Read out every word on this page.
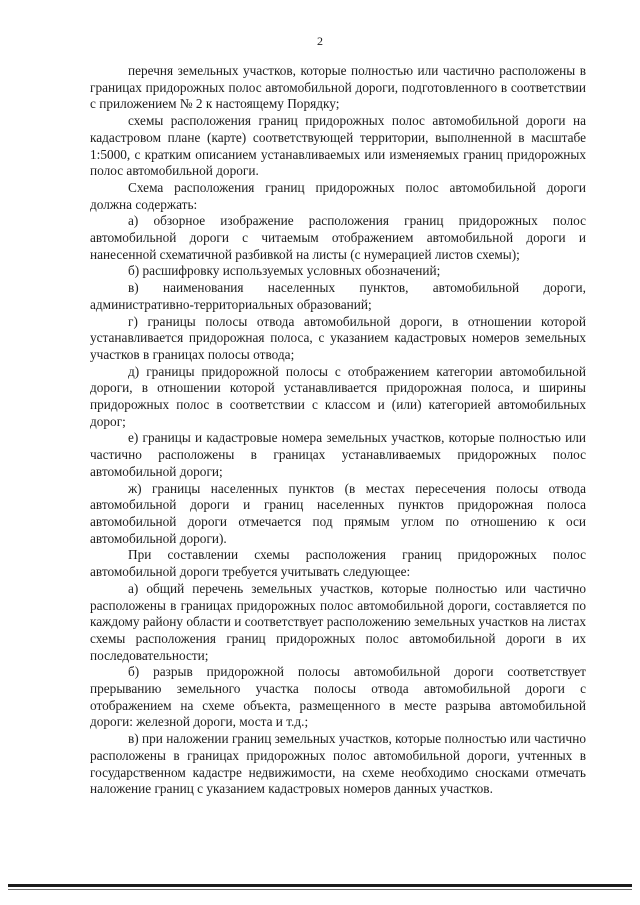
2

перечня земельных участков, которые полностью или частично расположены в границах придорожных полос автомобильной дороги, подготовленного в соответствии с приложением № 2 к настоящему Порядку;

схемы расположения границ придорожных полос автомобильной дороги на кадастровом плане (карте) соответствующей территории, выполненной в масштабе 1:5000, с кратким описанием устанавливаемых или изменяемых границ придорожных полос автомобильной дороги.

Схема расположения границ придорожных полос автомобильной дороги должна содержать:

а) обзорное изображение расположения границ придорожных полос автомобильной дороги с читаемым отображением автомобильной дороги и нанесенной схематичной разбивкой на листы (с нумерацией листов схемы);

б) расшифровку используемых условных обозначений;

в) наименования населенных пунктов, автомобильной дороги, административно-территориальных образований;

г) границы полосы отвода автомобильной дороги, в отношении которой устанавливается придорожная полоса, с указанием кадастровых номеров земельных участков в границах полосы отвода;

д) границы придорожной полосы с отображением категории автомобильной дороги, в отношении которой устанавливается придорожная полоса, и ширины придорожных полос в соответствии с классом и (или) категорией автомобильных дорог;

е) границы и кадастровые номера земельных участков, которые полностью или частично расположены в границах устанавливаемых придорожных полос автомобильной дороги;

ж) границы населенных пунктов (в местах пересечения полосы отвода автомобильной дороги и границ населенных пунктов придорожная полоса автомобильной дороги отмечается под прямым углом по отношению к оси автомобильной дороги).

При составлении схемы расположения границ придорожных полос автомобильной дороги требуется учитывать следующее:

а) общий перечень земельных участков, которые полностью или частично расположены в границах придорожных полос автомобильной дороги, составляется по каждому району области и соответствует расположению земельных участков на листах схемы расположения границ придорожных полос автомобильной дороги в их последовательности;

б) разрыв придорожной полосы автомобильной дороги соответствует прерыванию земельного участка полосы отвода автомобильной дороги с отображением на схеме объекта, размещенного в месте разрыва автомобильной дороги: железной дороги, моста и т.д.;

в) при наложении границ земельных участков, которые полностью или частично расположены в границах придорожных полос автомобильной дороги, учтенных в государственном кадастре недвижимости, на схеме необходимо сносками отмечать наложение границ с указанием кадастровых номеров данных участков.
